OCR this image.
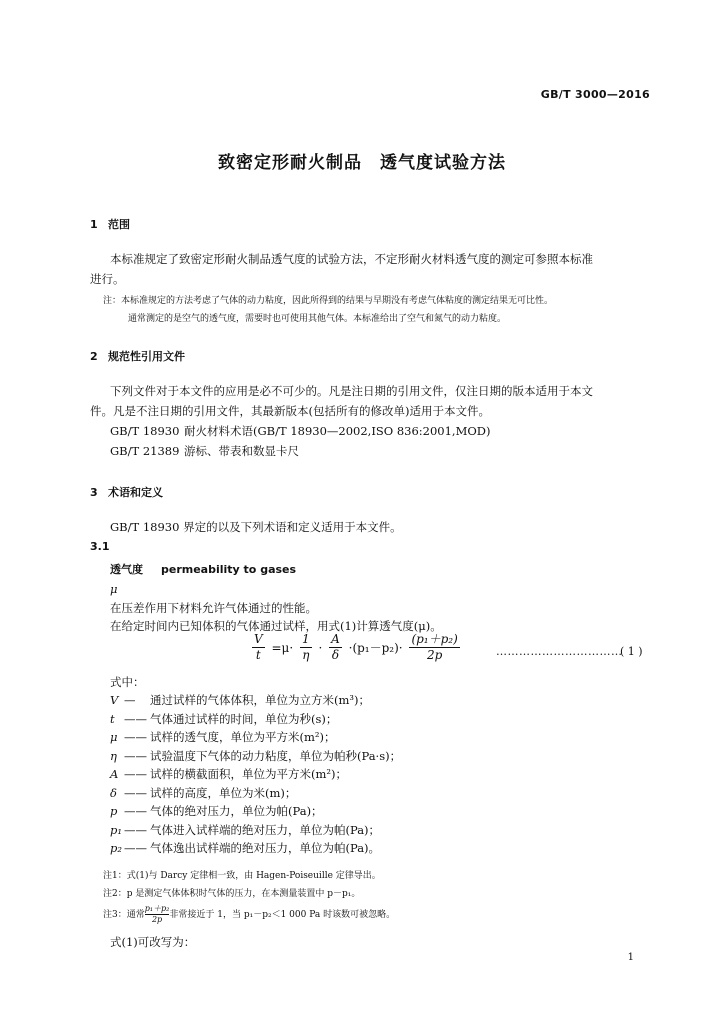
GB/T 3000—2016
致密定形耐火制品　透气度试验方法
1 范围
本标准规定了致密定形耐火制品透气度的试验方法，不定形耐火材料透气度的测定可参照本标准
进行。
注：本标准规定的方法考虑了气体的动力粘度，因此所得到的结果与早期没有考虑气体粘度的测定结果无可比性。
通常测定的是空气的透气度，需要时也可使用其他气体。本标准给出了空气和氮气的动力粘度。
2 规范性引用文件
下列文件对于本文件的应用是必不可少的。凡是注日期的引用文件，仅注日期的版本适用于本文
件。凡是不注日期的引用文件，其最新版本(包括所有的修改单)适用于本文件。
GB/T 18930 耐火材料术语(GB/T 18930—2002,ISO 836:2001,MOD)
GB/T 21389 游标、带表和数显卡尺
3 术语和定义
GB/T 18930 界定的以及下列术语和定义适用于本文件。
3.1
透气度 permeability to gases
μ
在压差作用下材料允许气体通过的性能。
在给定时间内已知体积的气体通过试样，用式(1)计算透气度(μ)。
$\frac{V}{t} =\mu\cdot \frac{1}{\eta} \cdot \frac{A}{\delta} \cdot(p_1-p_2)\cdot \frac{\text{(p₁＋p₂)}}{2p}$	……………………………
( 1 )
式中：
V— 通过试样的气体体积，单位为立方米(m³)；
t—— 气体通过试样的时间，单位为秒(s)；
μ—— 试样的透气度，单位为平方米(m²)；
η—— 试验温度下气体的动力粘度，单位为帕秒(Pa·s)；
A—— 试样的横截面积，单位为平方米(m²)；
δ—— 试样的高度，单位为米(m)；
p—— 气体的绝对压力，单位为帕(Pa)；
p₁ —— 气体进入试样端的绝对压力，单位为帕(Pa)；
p₂ —— 气体逸出试样端的绝对压力，单位为帕(Pa)。
注1：式(1)与 Darcy 定律相一致，由 Hagen-Poiseuille 定律导出。
注2：p 是测定气体体积时气体的压力，在本测量装置中 p－p₁。
注3：通常 $\frac{\text{p₁＋p₂}}{2p}$ 非常接近于 1，当 p₁－p₂＜1 000 Pa 时该数可被忽略。
式(1)可改写为：
1
